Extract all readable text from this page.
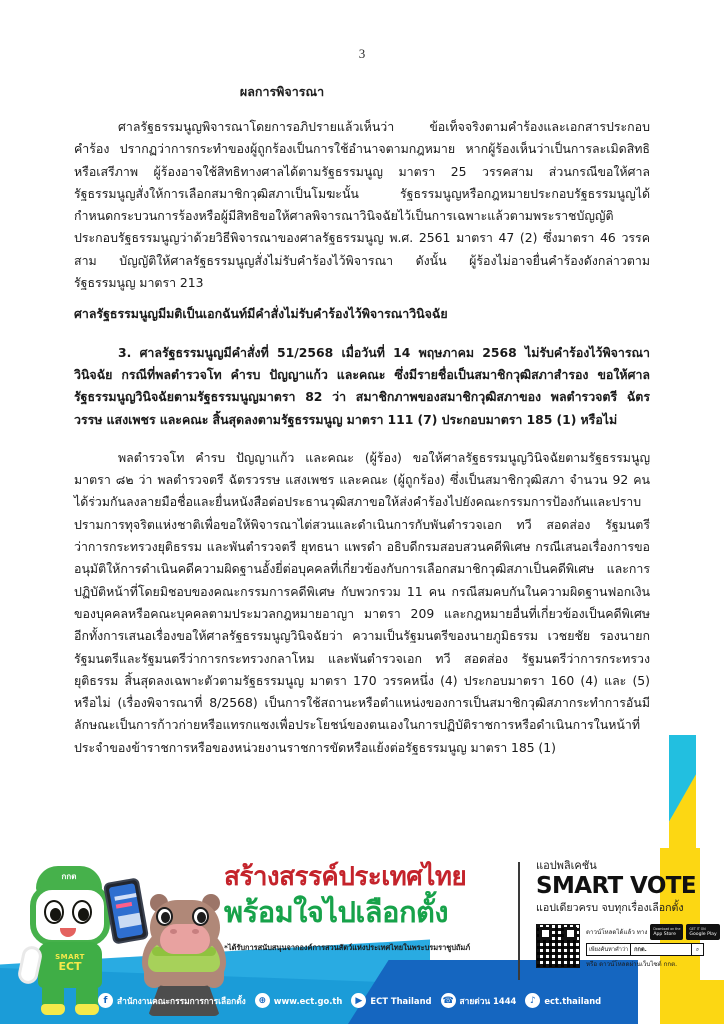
3
ผลการพิจารณา

ศาลรัฐธรรมนูญพิจารณาโดยการอภิปรายแล้วเห็นว่า ข้อเท็จจริงตามคำร้องและเอกสารประกอบคำร้อง ปรากฏว่าการกระทำของผู้ถูกร้องเป็นการใช้อำนาจตามกฎหมาย หากผู้ร้องเห็นว่าเป็นการละเมิดสิทธิหรือเสรีภาพ ผู้ร้องอาจใช้สิทธิทางศาลได้ตามรัฐธรรมนูญ มาตรา 25 วรรคสาม ส่วนกรณีขอให้ศาลรัฐธรรมนูญสั่งให้การเลือกสมาชิกวุฒิสภาเป็นโมฆะนั้น รัฐธรรมนูญหรือกฎหมายประกอบรัฐธรรมนูญได้กำหนดกระบวนการร้องหรือผู้มีสิทธิขอให้ศาลพิจารณาวินิจฉัยไว้เป็นการเฉพาะแล้วตามพระราชบัญญัติประกอบรัฐธรรมนูญว่าด้วยวิธีพิจารณาของศาลรัฐธรรมนูญ พ.ศ. 2561 มาตรา 47 (2) ซึ่งมาตรา 46 วรรคสาม บัญญัติให้ศาลรัฐธรรมนูญสั่งไม่รับคำร้องไว้พิจารณา ดังนั้น ผู้ร้องไม่อาจยื่นคำร้องดังกล่าวตามรัฐธรรมนูญ มาตรา 213

ศาลรัฐธรรมนูญมีมติเป็นเอกฉันท์มีคำสั่งไม่รับคำร้องไว้พิจารณาวินิจฉัย

3. ศาลรัฐธรรมนูญมีคำสั่งที่ 51/2568 เมื่อวันที่ 14 พฤษภาคม 2568 ไม่รับคำร้องไว้พิจารณาวินิจฉัย กรณีที่พลตำรวจโท คำรบ ปัญญาแก้ว และคณะ ซึ่งมีรายชื่อเป็นสมาชิกวุฒิสภาสำรอง ขอให้ศาลรัฐธรรมนูญวินิจฉัยตามรัฐธรรมนูญมาตรา 82 ว่า สมาชิกภาพของสมาชิกวุฒิสภาของ พลตำรวจตรี ฉัตรวรรษ แสงเพชร และคณะ สิ้นสุดลงตามรัฐธรรมนูญ มาตรา 111 (7) ประกอบมาตรา 185 (1) หรือไม่

พลตำรวจโท คำรบ ปัญญาแก้ว และคณะ (ผู้ร้อง) ขอให้ศาลรัฐธรรมนูญวินิจฉัยตามรัฐธรรมนูญ มาตรา ๘๒ ว่า พลตำรวจตรี ฉัตรวรรษ แสงเพชร และคณะ (ผู้ถูกร้อง) ซึ่งเป็นสมาชิกวุฒิสภา จำนวน 92 คน ได้ร่วมกันลงลายมือชื่อและยื่นหนังสือต่อประธานวุฒิสภาขอให้ส่งคำร้องไปยังคณะกรรมการป้องกันและปราบปรามการทุจริตแห่งชาติเพื่อขอให้พิจารณาไต่สวนและดำเนินการกับพันตำรวจเอก ทวี สอดส่อง รัฐมนตรีว่าการกระทรวงยุติธรรม และพันตำรวจตรี ยุทธนา แพรดำ อธิบดีกรมสอบสวนคดีพิเศษ กรณีเสนอเรื่องการขออนุมัติให้การดำเนินคดีความผิดฐานอั้งยี่ต่อบุคคลที่เกี่ยวข้องกับการเลือกสมาชิกวุฒิสภาเป็นคดีพิเศษ และการปฏิบัติหน้าที่โดยมิชอบของคณะกรรมการคดีพิเศษ กับพวกรวม 11 คน กรณีสมคบกันในความผิดฐานฟอกเงินของบุคคลหรือคณะบุคคลตามประมวลกฎหมายอาญา มาตรา 209 และกฎหมายอื่นที่เกี่ยวข้องเป็นคดีพิเศษ อีกทั้งการเสนอเรื่องขอให้ศาลรัฐธรรมนูญวินิจฉัยว่า ความเป็นรัฐมนตรีของนายภูมิธรรม เวชยชัย รองนายกรัฐมนตรีและรัฐมนตรีว่าการกระทรวงกลาโหม และพันตำรวจเอก ทวี สอดส่อง รัฐมนตรีว่าการกระทรวงยุติธรรม สิ้นสุดลงเฉพาะตัวตามรัฐธรรมนูญ มาตรา 170 วรรคหนึ่ง (4) ประกอบมาตรา 160 (4) และ (5) หรือไม่ (เรื่องพิจารณาที่ 8/2568) เป็นการใช้สถานะหรือตำแหน่งของการเป็นสมาชิกวุฒิสภากระทำการอันมีลักษณะเป็นการก้าวก่ายหรือแทรกแซงเพื่อประโยชน์ของตนเองในการปฏิบัติราชการหรือดำเนินการในหน้าที่ประจำของข้าราชการหรือของหน่วยงานราชการขัดหรือแย้งต่อรัฐธรรมนูญ มาตรา 185 (1)

กกต
SMART
ECT
สร้างสรรค์ประเทศไทย
พร้อมใจไปเลือกตั้ง
*ได้รับการสนับสนุนจากองค์การสวนสัตว์แห่งประเทศไทยในพระบรมราชูปถัมภ์
แอปพลิเคชัน
SMART VOTE
แอปเดียวครบ จบทุกเรื่องเลือกตั้ง
ดาวน์โหลดได้แล้ว ทาง Download on the
App Store
GET IT ON
Google Play
เพียงค้นหาคำว่า	กกต.	⌕
หรือ ดาวน์โหลดผ่านเว็บไซต์ กกต.
f	สำนักงานคณะกรรมการการเลือกตั้ง	⊕ www.ect.go.th	▶ ECT Thailand ☎ สายด่วน 1444	♪	ect.thailand
